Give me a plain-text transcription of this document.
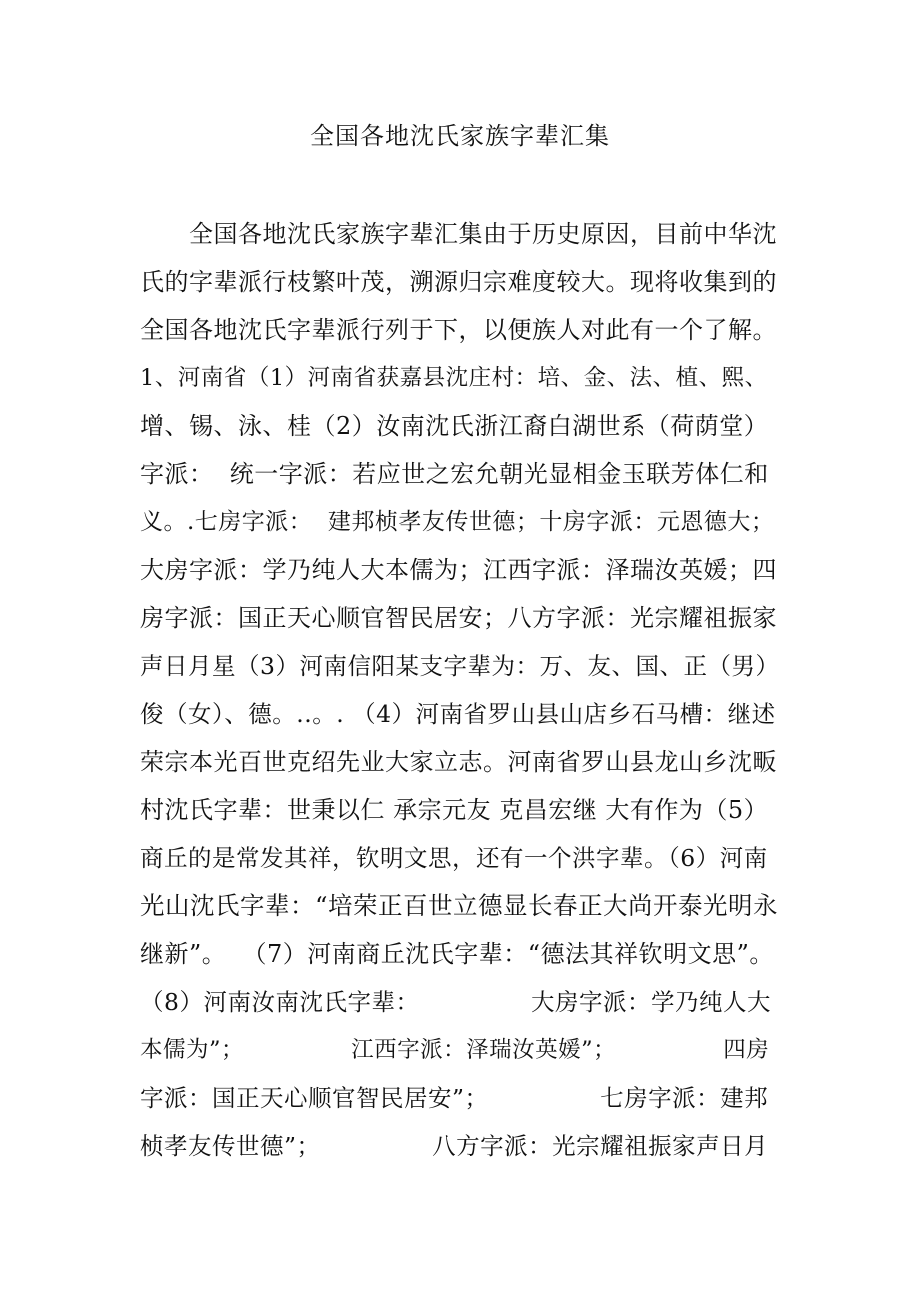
全国各地沈氏家族字辈汇集
　　全国各地沈氏家族字辈汇集由于历史原因，目前中华沈
氏的字辈派行枝繁叶茂，溯源归宗难度较大。现将收集到的
全国各地沈氏字辈派行列于下，以便族人对此有一个了解。
1、河南省（1）河南省获嘉县沈庄村：培、金、法、植、熙、
增、锡、泳、桂（2）汝南沈氏浙江裔白湖世系（荷荫堂）
字派：  统一字派：若应世之宏允朝光显相金玉联芳体仁和
义。.七房字派：  建邦桢孝友传世德；十房字派：元恩德大；
大房字派：学乃纯人大本儒为；江西字派：泽瑞汝英媛；四
房字派：国正天心顺官智民居安；八方字派：光宗耀祖振家
声日月星（3）河南信阳某支字辈为：万、友、国、正（男）
俊（女）、德。..。. （4）河南省罗山县山店乡石马槽：继述
荣宗本光百世克绍先业大家立志。河南省罗山县龙山乡沈畈
村沈氏字辈：世秉以仁 承宗元友 克昌宏继 大有作为（5）
商丘的是常发其祥，钦明文思，还有一个洪字辈。（6）河南
光山沈氏字辈：“培荣正百世立德显长春正大尚开泰光明永
继新”。  （7）河南商丘沈氏字辈：“德法其祥钦明文思”。
（8）河南汝南沈氏字辈：              大房字派：学乃纯人大
本儒为”；              江西字派：泽瑞汝英媛”；              四房
字派：国正天心顺官智民居安”；              七房字派：建邦
桢孝友传世德”；              八方字派：光宗耀祖振家声日月
